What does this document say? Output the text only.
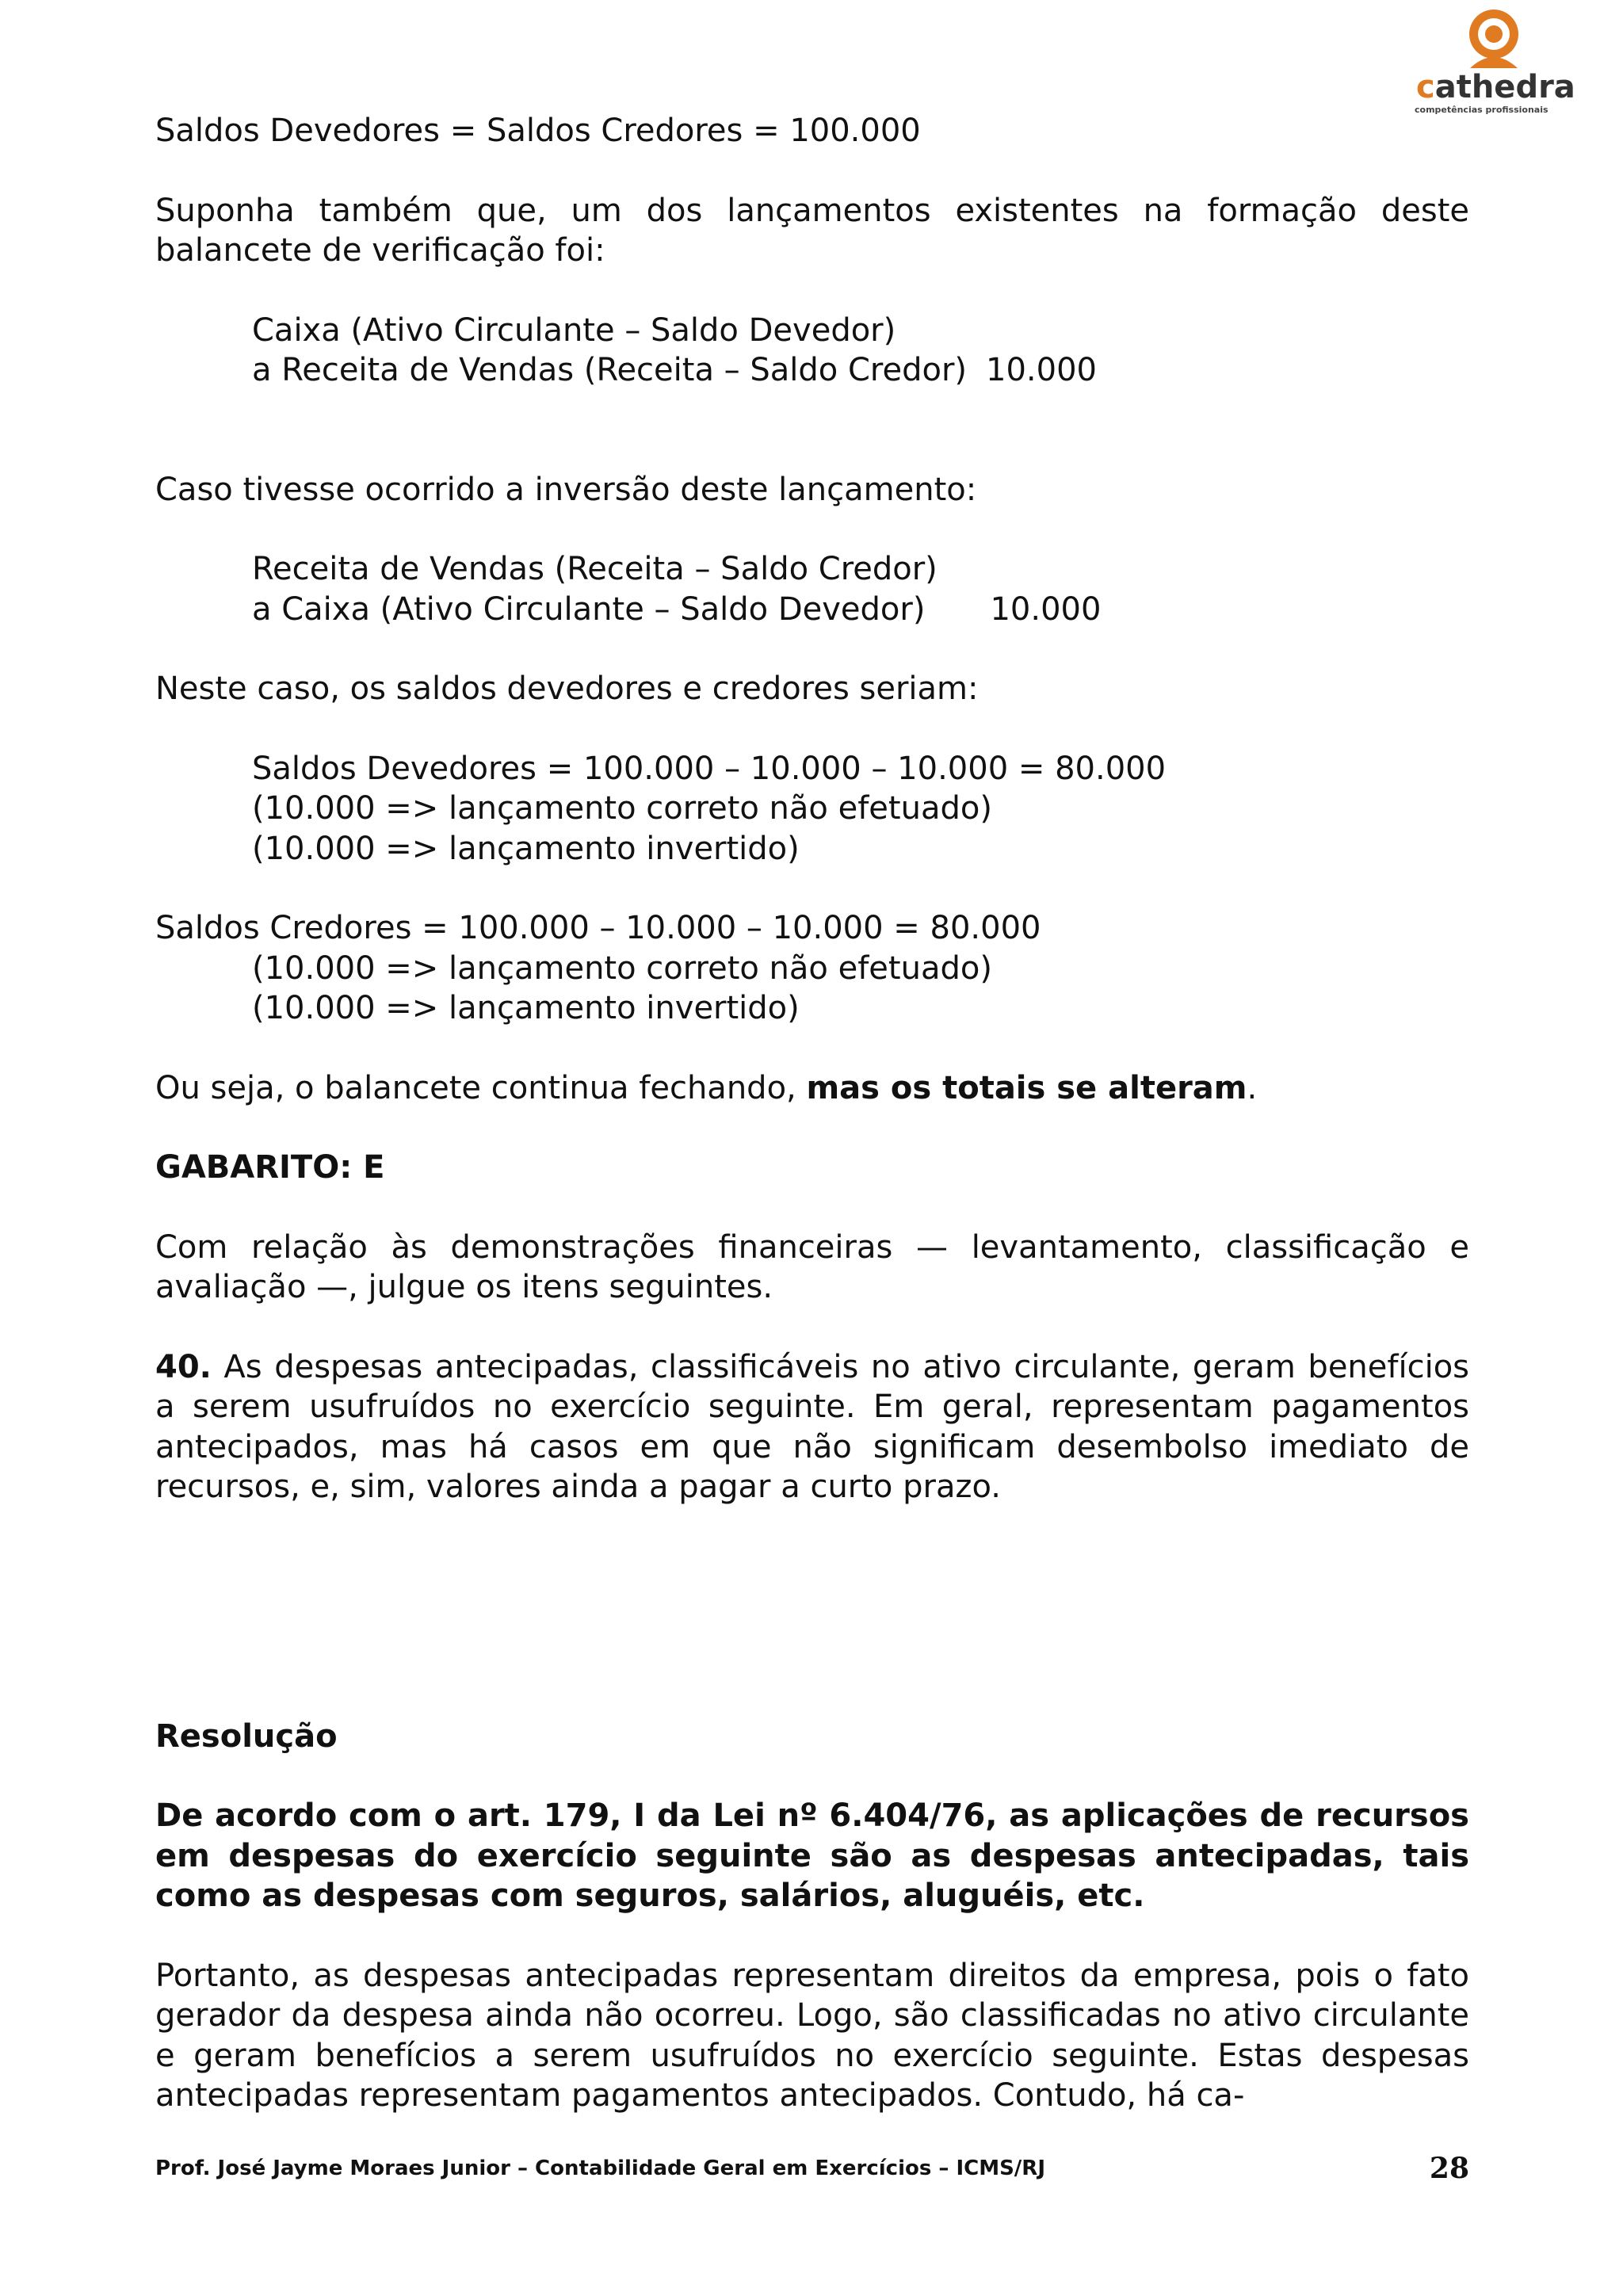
cathedra
competências profissionais

Saldos Devedores = Saldos Credores = 100.000

Suponha também que, um dos lançamentos existentes na formação deste balancete de verificação foi:

Caixa (Ativo Circulante – Saldo Devedor)
a Receita de Vendas (Receita – Saldo Credor) 10.000

Caso tivesse ocorrido a inversão deste lançamento:

Receita de Vendas (Receita – Saldo Credor)
a Caixa (Ativo Circulante – Saldo Devedor) 10.000

Neste caso, os saldos devedores e credores seriam:

Saldos Devedores = 100.000 – 10.000 – 10.000 = 80.000
(10.000 => lançamento correto não efetuado)
(10.000 => lançamento invertido)
Saldos Credores = 100.000 – 10.000 – 10.000 = 80.000
(10.000 => lançamento correto não efetuado)
(10.000 => lançamento invertido)

Ou seja, o balancete continua fechando, mas os totais se alteram.

GABARITO: E

Com relação às demonstrações financeiras — levantamento, classificação e avaliação —, julgue os itens seguintes.

40. As despesas antecipadas, classificáveis no ativo circulante, geram benefícios a serem usufruídos no exercício seguinte. Em geral, representam pagamentos antecipados, mas há casos em que não significam desembolso imediato de recursos, e, sim, valores ainda a pagar a curto prazo.

Resolução

De acordo com o art. 179, I da Lei nº 6.404/76, as aplicações de recursos em despesas do exercício seguinte são as despesas antecipadas, tais como as despesas com seguros, salários, aluguéis, etc.

Portanto, as despesas antecipadas representam direitos da empresa, pois o fato gerador da despesa ainda não ocorreu. Logo, são classificadas no ativo circulante e geram benefícios a serem usufruídos no exercício seguinte. Estas despesas antecipadas representam pagamentos antecipados. Contudo, há ca-

Prof. José Jayme Moraes Junior – Contabilidade Geral em Exercícios – ICMS/RJ	28
